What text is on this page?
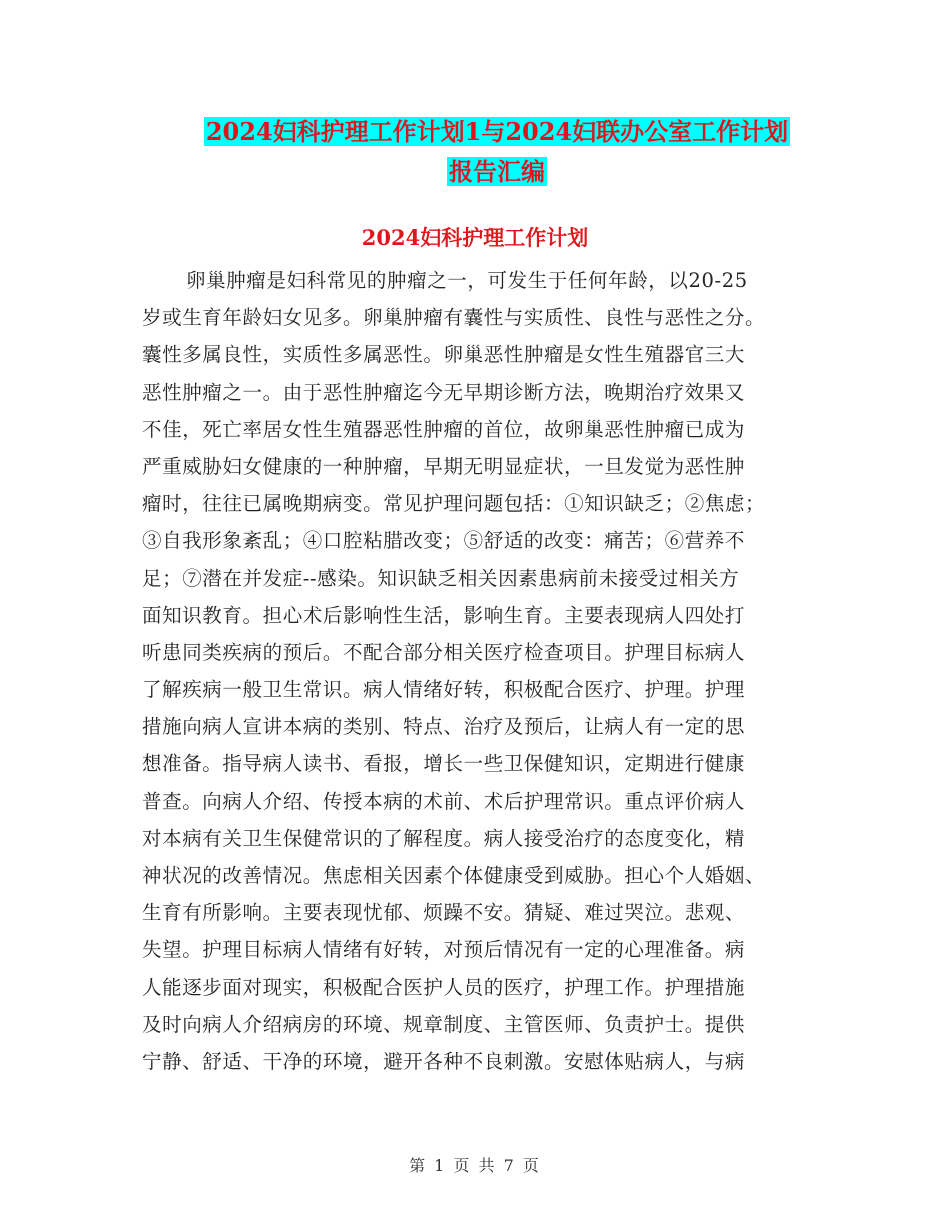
2024妇科护理工作计划1与2024妇联办公室工作计划
报告汇编
2024妇科护理工作计划
卵巢肿瘤是妇科常见的肿瘤之一，可发生于任何年龄，以20-25
岁或生育年龄妇女见多。卵巢肿瘤有囊性与实质性、良性与恶性之分。
囊性多属良性，实质性多属恶性。卵巢恶性肿瘤是女性生殖器官三大
恶性肿瘤之一。由于恶性肿瘤迄今无早期诊断方法，晚期治疗效果又
不佳，死亡率居女性生殖器恶性肿瘤的首位，故卵巢恶性肿瘤已成为
严重威胁妇女健康的一种肿瘤，早期无明显症状，一旦发觉为恶性肿
瘤时，往往已属晚期病变。常见护理问题包括：①知识缺乏；②焦虑；
③自我形象紊乱；④口腔粘腊改变；⑤舒适的改变：痛苦；⑥营养不
足；⑦潜在并发症--感染。知识缺乏相关因素患病前未接受过相关方
面知识教育。担心术后影响性生活，影响生育。主要表现病人四处打
听患同类疾病的预后。不配合部分相关医疗检查项目。护理目标病人
了解疾病一般卫生常识。病人情绪好转，积极配合医疗、护理。护理
措施向病人宣讲本病的类别、特点、治疗及预后，让病人有一定的思
想准备。指导病人读书、看报，增长一些卫保健知识，定期进行健康
普查。向病人介绍、传授本病的术前、术后护理常识。重点评价病人
对本病有关卫生保健常识的了解程度。病人接受治疗的态度变化，精
神状况的改善情况。焦虑相关因素个体健康受到威胁。担心个人婚姻、
生育有所影响。主要表现忧郁、烦躁不安。猜疑、难过哭泣。悲观、
失望。护理目标病人情绪有好转，对预后情况有一定的心理准备。病
人能逐步面对现实，积极配合医护人员的医疗，护理工作。护理措施
及时向病人介绍病房的环境、规章制度、主管医师、负责护士。提供
宁静、舒适、干净的环境，避开各种不良刺激。安慰体贴病人，与病
第 1 页 共 7 页
